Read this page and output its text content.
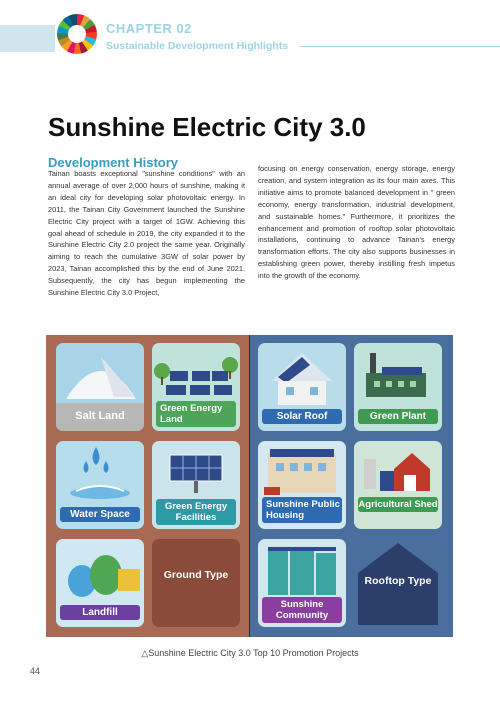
CHAPTER 02
Sustainable Development Highlights
Sunshine Electric City 3.0
Development History
Tainan boasts exceptional "sunshine conditions" with an annual average of over 2,000 hours of sunshine, making it an ideal city for developing solar photovoltaic energy. In 2011, the Tainan City Government launched the Sunshine Electric City project with a target of 1GW. Achieving this goal ahead of schedule in 2019, the city expanded it to the Sunshine Electric City 2.0 project the same year. Originally aiming to reach the cumulative 3GW of solar power by 2023, Tainan accomplished this by the end of June 2021. Subsequently, the city has begun implementing the Sunshine Electric City 3.0 Project,
focusing on energy conservation, energy storage, energy creation, and system integration as its four main axes. This initiative aims to promote balanced development in " green economy, energy transformation, industrial development, and sustainable homes." Furthermore, it prioritizes the enhancement and promotion of rooftop solar photovoltaic installations, continuing to advance Tainan's energy transformation efforts. The city also supports businesses in establishing green power, thereby instilling fresh impetus into the growth of the economy.
Salt Land
Green Energy Land
Water Space
Green Energy Facilities
Landfill
Ground Type
Solar Roof	Green Plant
Sunshine Public Housing
Agricultural Shed
Sunshine Community
Rooftop Type
△Sunshine Electric City 3.0 Top 10 Promotion Projects
44
